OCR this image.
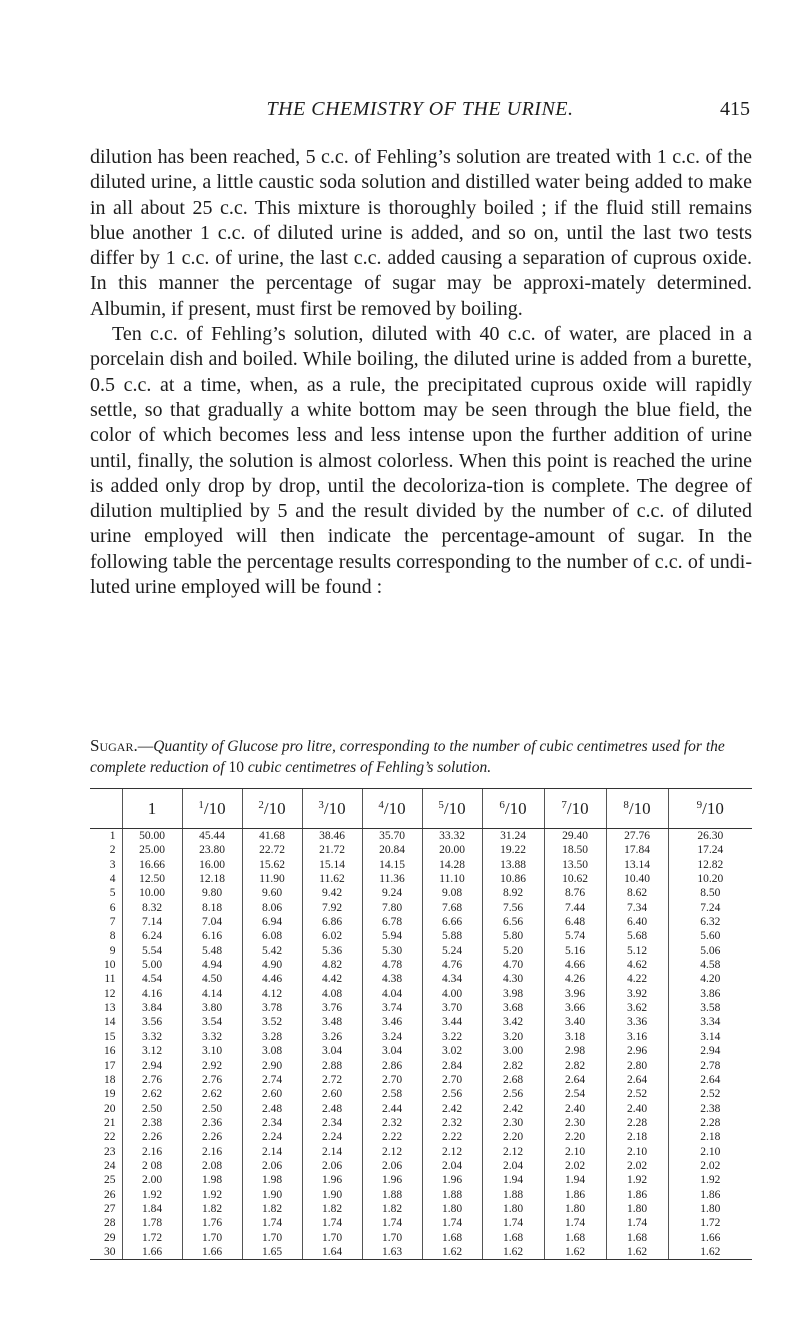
THE CHEMISTRY OF THE URINE.	415

dilution has been reached, 5 c.c. of Fehling’s solution are treated with 1 c.c. of the diluted urine, a little caustic soda solution and distilled water being added to make in all about 25 c.c. This mixture is thoroughly boiled ; if the fluid still remains blue another 1 c.c. of diluted urine is added, and so on, until the last two tests differ by 1 c.c. of urine, the last c.c. added causing a separation of cuprous oxide. In this manner the percentage of sugar may be approxi-mately determined. Albumin, if present, must first be removed by boiling.

Ten c.c. of Fehling’s solution, diluted with 40 c.c. of water, are placed in a porcelain dish and boiled. While boiling, the diluted urine is added from a burette, 0.5 c.c. at a time, when, as a rule, the precipitated cuprous oxide will rapidly settle, so that gradually a white bottom may be seen through the blue field, the color of which becomes less and less intense upon the further addition of urine until, finally, the solution is almost colorless. When this point is reached the urine is added only drop by drop, until the decoloriza-tion is complete. The degree of dilution multiplied by 5 and the result divided by the number of c.c. of diluted urine employed will then indicate the percentage-amount of sugar. In the following table the percentage results corresponding to the number of c.c. of undi-luted urine employed will be found :

Sugar.—Quantity of Glucose pro litre, corresponding to the number of cubic centimetres used for the complete reduction of 10 cubic centimetres of Fehling’s solution.
	1	$^1$/10	$^2$/10	$^3$/10	$^4$/10	$^5$/10	$^6$/10	$^7$/10	$^8$/10	$^9$/10
1	50.00	45.44	41.68	38.46	35.70	33.32	31.24	29.40	27.76	26.30
2	25.00	23.80	22.72	21.72	20.84	20.00	19.22	18.50	17.84	17.24
3	16.66	16.00	15.62	15.14	14.15	14.28	13.88	13.50	13.14	12.82
4	12.50	12.18	11.90	11.62	11.36	11.10	10.86	10.62	10.40	10.20
5	10.00	9.80	9.60	9.42	9.24	9.08	8.92	8.76	8.62	8.50
6	8.32	8.18	8.06	7.92	7.80	7.68	7.56	7.44	7.34	7.24
7	7.14	7.04	6.94	6.86	6.78	6.66	6.56	6.48	6.40	6.32
8	6.24	6.16	6.08	6.02	5.94	5.88	5.80	5.74	5.68	5.60
9	5.54	5.48	5.42	5.36	5.30	5.24	5.20	5.16	5.12	5.06
10	5.00	4.94	4.90	4.82	4.78	4.76	4.70	4.66	4.62	4.58
11	4.54	4.50	4.46	4.42	4.38	4.34	4.30	4.26	4.22	4.20
12	4.16	4.14	4.12	4.08	4.04	4.00	3.98	3.96	3.92	3.86
13	3.84	3.80	3.78	3.76	3.74	3.70	3.68	3.66	3.62	3.58
14	3.56	3.54	3.52	3.48	3.46	3.44	3.42	3.40	3.36	3.34
15	3.32	3.32	3.28	3.26	3.24	3.22	3.20	3.18	3.16	3.14
16	3.12	3.10	3.08	3.04	3.04	3.02	3.00	2.98	2.96	2.94
17	2.94	2.92	2.90	2.88	2.86	2.84	2.82	2.82	2.80	2.78
18	2.76	2.76	2.74	2.72	2.70	2.70	2.68	2.64	2.64	2.64
19	2.62	2.62	2.60	2.60	2.58	2.56	2.56	2.54	2.52	2.52
20	2.50	2.50	2.48	2.48	2.44	2.42	2.42	2.40	2.40	2.38
21	2.38	2.36	2.34	2.34	2.32	2.32	2.30	2.30	2.28	2.28
22	2.26	2.26	2.24	2.24	2.22	2.22	2.20	2.20	2.18	2.18
23	2.16	2.16	2.14	2.14	2.12	2.12	2.12	2.10	2.10	2.10
24	2 08	2.08	2.06	2.06	2.06	2.04	2.04	2.02	2.02	2.02
25	2.00	1.98	1.98	1.96	1.96	1.96	1.94	1.94	1.92	1.92
26	1.92	1.92	1.90	1.90	1.88	1.88	1.88	1.86	1.86	1.86
27	1.84	1.82	1.82	1.82	1.82	1.80	1.80	1.80	1.80	1.80
28	1.78	1.76	1.74	1.74	1.74	1.74	1.74	1.74	1.74	1.72
29	1.72	1.70	1.70	1.70	1.70	1.68	1.68	1.68	1.68	1.66
30	1.66	1.66	1.65	1.64	1.63	1.62	1.62	1.62	1.62	1.62
